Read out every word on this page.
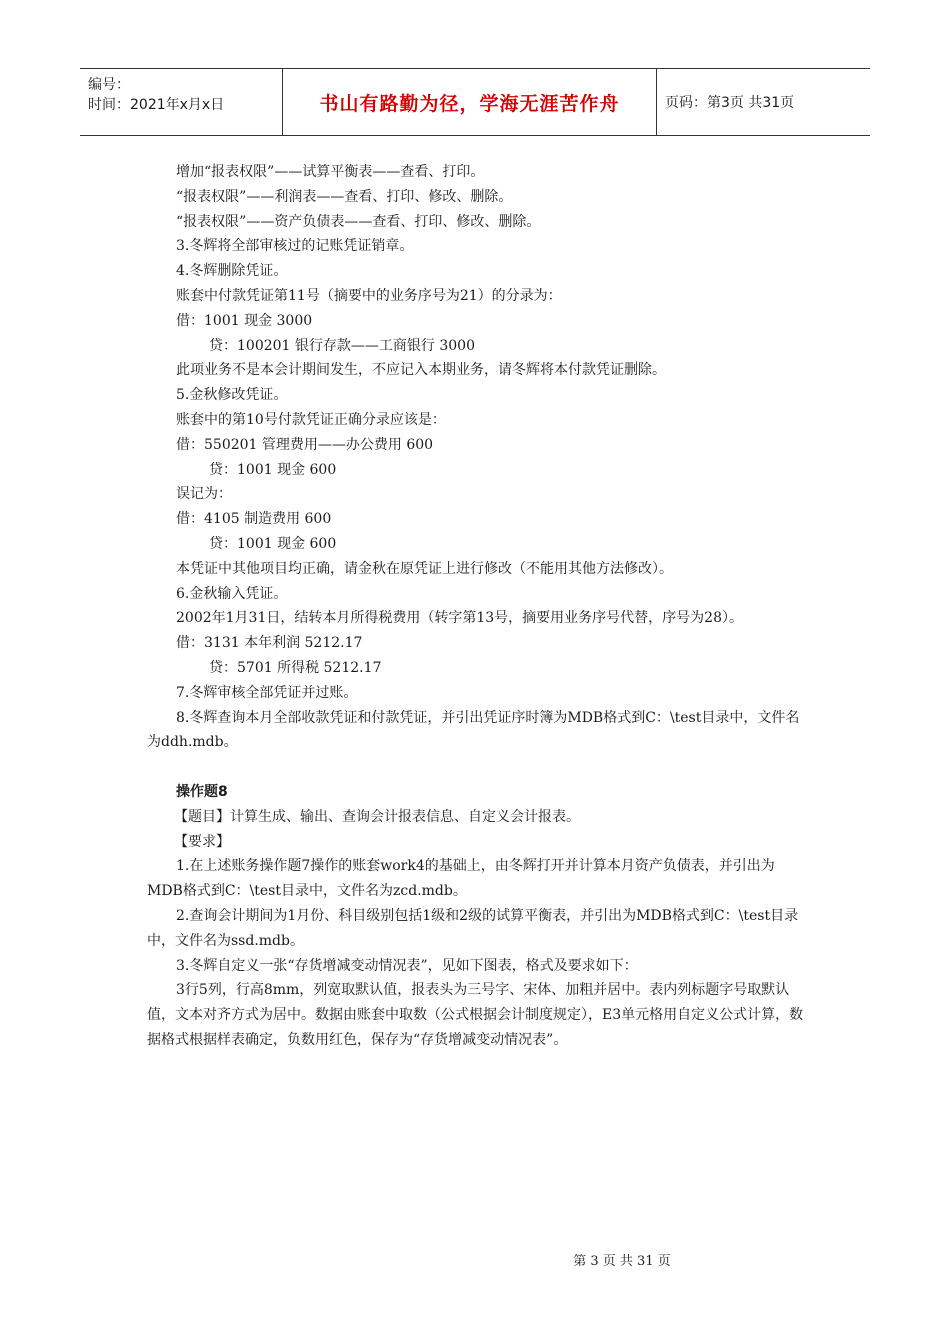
编号：
时间：2021年x月x日	书山有路勤为径，学海无涯苦作舟	页码：第3页 共31页

增加“报表权限”——试算平衡表——查看、打印。

“报表权限”——利润表——查看、打印、修改、删除。

“报表权限”——资产负债表——查看、打印、修改、删除。

3.冬辉将全部审核过的记账凭证销章。

4.冬辉删除凭证。

账套中付款凭证第11号（摘要中的业务序号为21）的分录为：

借：1001 现金 3000

贷：100201 银行存款——工商银行 3000

此项业务不是本会计期间发生，不应记入本期业务，请冬辉将本付款凭证删除。

5.金秋修改凭证。

账套中的第10号付款凭证正确分录应该是：

借：550201 管理费用——办公费用 600

贷：1001 现金 600

误记为：

借：4105 制造费用 600

贷：1001 现金 600

本凭证中其他项目均正确，请金秋在原凭证上进行修改（不能用其他方法修改）。

6.金秋输入凭证。

2002年1月31日，结转本月所得税费用（转字第13号，摘要用业务序号代替，序号为28）。

借：3131 本年利润 5212.17

贷：5701 所得税 5212.17

7.冬辉审核全部凭证并过账。

8.冬辉查询本月全部收款凭证和付款凭证，并引出凭证序时簿为MDB格式到C：\test目录中，文件名为ddh.mdb。

操作题8

【题目】计算生成、输出、查询会计报表信息、自定义会计报表。

【要求】

1.在上述账务操作题7操作的账套work4的基础上，由冬辉打开并计算本月资产负债表，并引出为MDB格式到C：\test目录中，文件名为zcd.mdb。

2.查询会计期间为1月份、科目级别包括1级和2级的试算平衡表，并引出为MDB格式到C：\test目录中，文件名为ssd.mdb。

3.冬辉自定义一张“存货增减变动情况表”，见如下图表，格式及要求如下：

3行5列，行高8mm，列宽取默认值，报表头为三号字、宋体、加粗并居中。表内列标题字号取默认值，文本对齐方式为居中。数据由账套中取数（公式根据会计制度规定），E3单元格用自定义公式计算，数据格式根据样表确定，负数用红色，保存为“存货增减变动情况表”。

第 3 页 共 31 页
